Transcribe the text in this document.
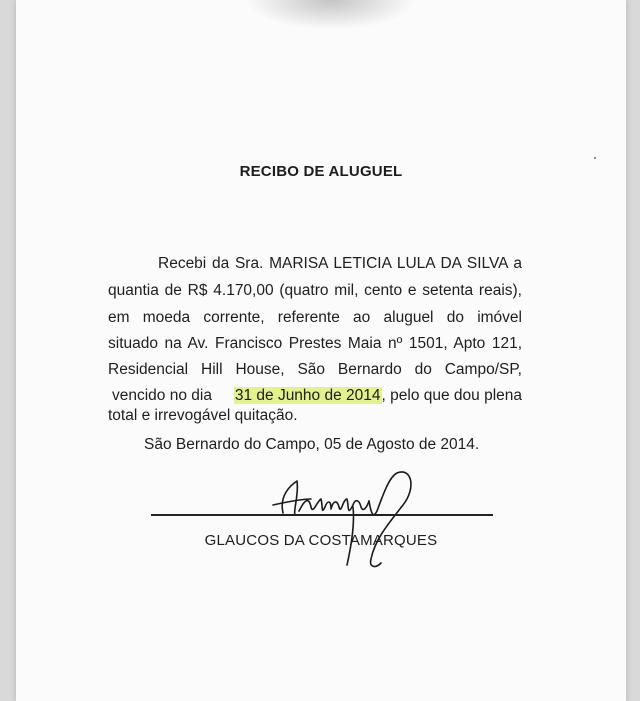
RECIBO DE ALUGUEL
Recebi da Sra. MARISA LETICIA LULA DA SILVA a
quantia de R$ 4.170,00 (quatro mil, cento e setenta reais),
em moeda corrente, referente ao aluguel do imóvel
situado na Av. Francisco Prestes Maia nº 1501, Apto 121,
Residencial Hill House, São Bernardo do Campo/SP,
vencido no dia 31 de Junho de 2014, pelo que dou plena
total e irrevogável quitação.
São Bernardo do Campo, 05 de Agosto de 2014.
GLAUCOS DA COSTAMARQUES
